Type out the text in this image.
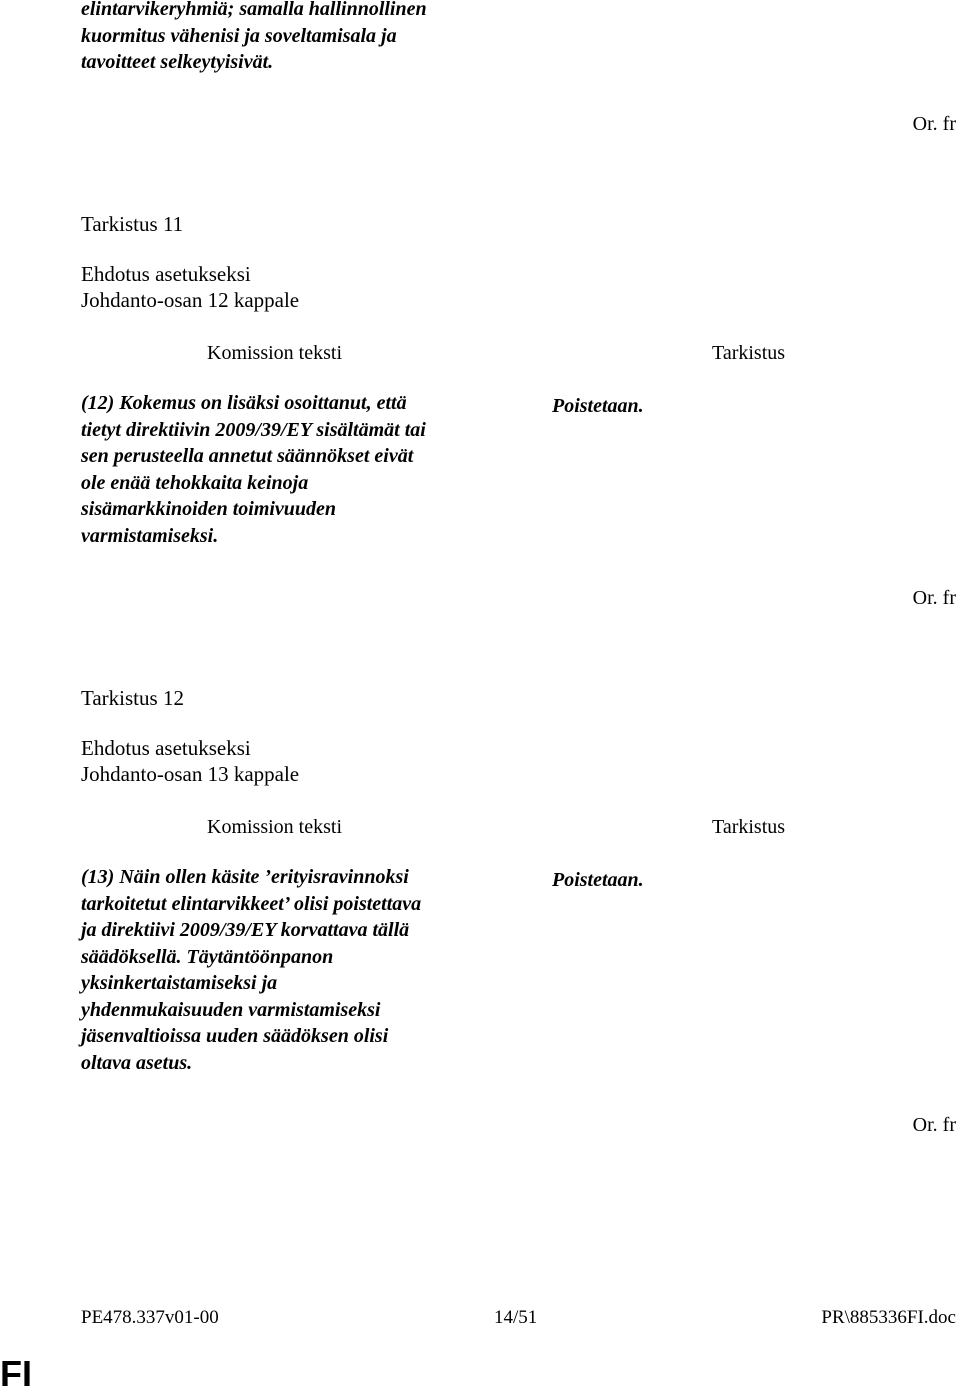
elintarvikeryhmiä; samalla hallinnollinen
kuormitus vähenisi ja soveltamisala ja
tavoitteet selkeytyisivät.
Or. fr
Tarkistus 11
Ehdotus asetukseksi
Johdanto-osan 12 kappale
Komission teksti	Tarkistus
(12) Kokemus on lisäksi osoittanut, että
tietyt direktiivin 2009/39/EY sisältämät tai
sen perusteella annetut säännökset eivät
ole enää tehokkaita keinoja
sisämarkkinoiden toimivuuden
varmistamiseksi.
Poistetaan.
Or. fr
Tarkistus 12
Ehdotus asetukseksi
Johdanto-osan 13 kappale
Komission teksti	Tarkistus
(13) Näin ollen käsite ’erityisravinnoksi
tarkoitetut elintarvikkeet’ olisi poistettava
ja direktiivi 2009/39/EY korvattava tällä
säädöksellä. Täytäntöönpanon
yksinkertaistamiseksi ja
yhdenmukaisuuden varmistamiseksi
jäsenvaltioissa uuden säädöksen olisi
oltava asetus.
Poistetaan.
Or. fr
PE478.337v01-00	14/51	PR\885336FI.doc
FI
